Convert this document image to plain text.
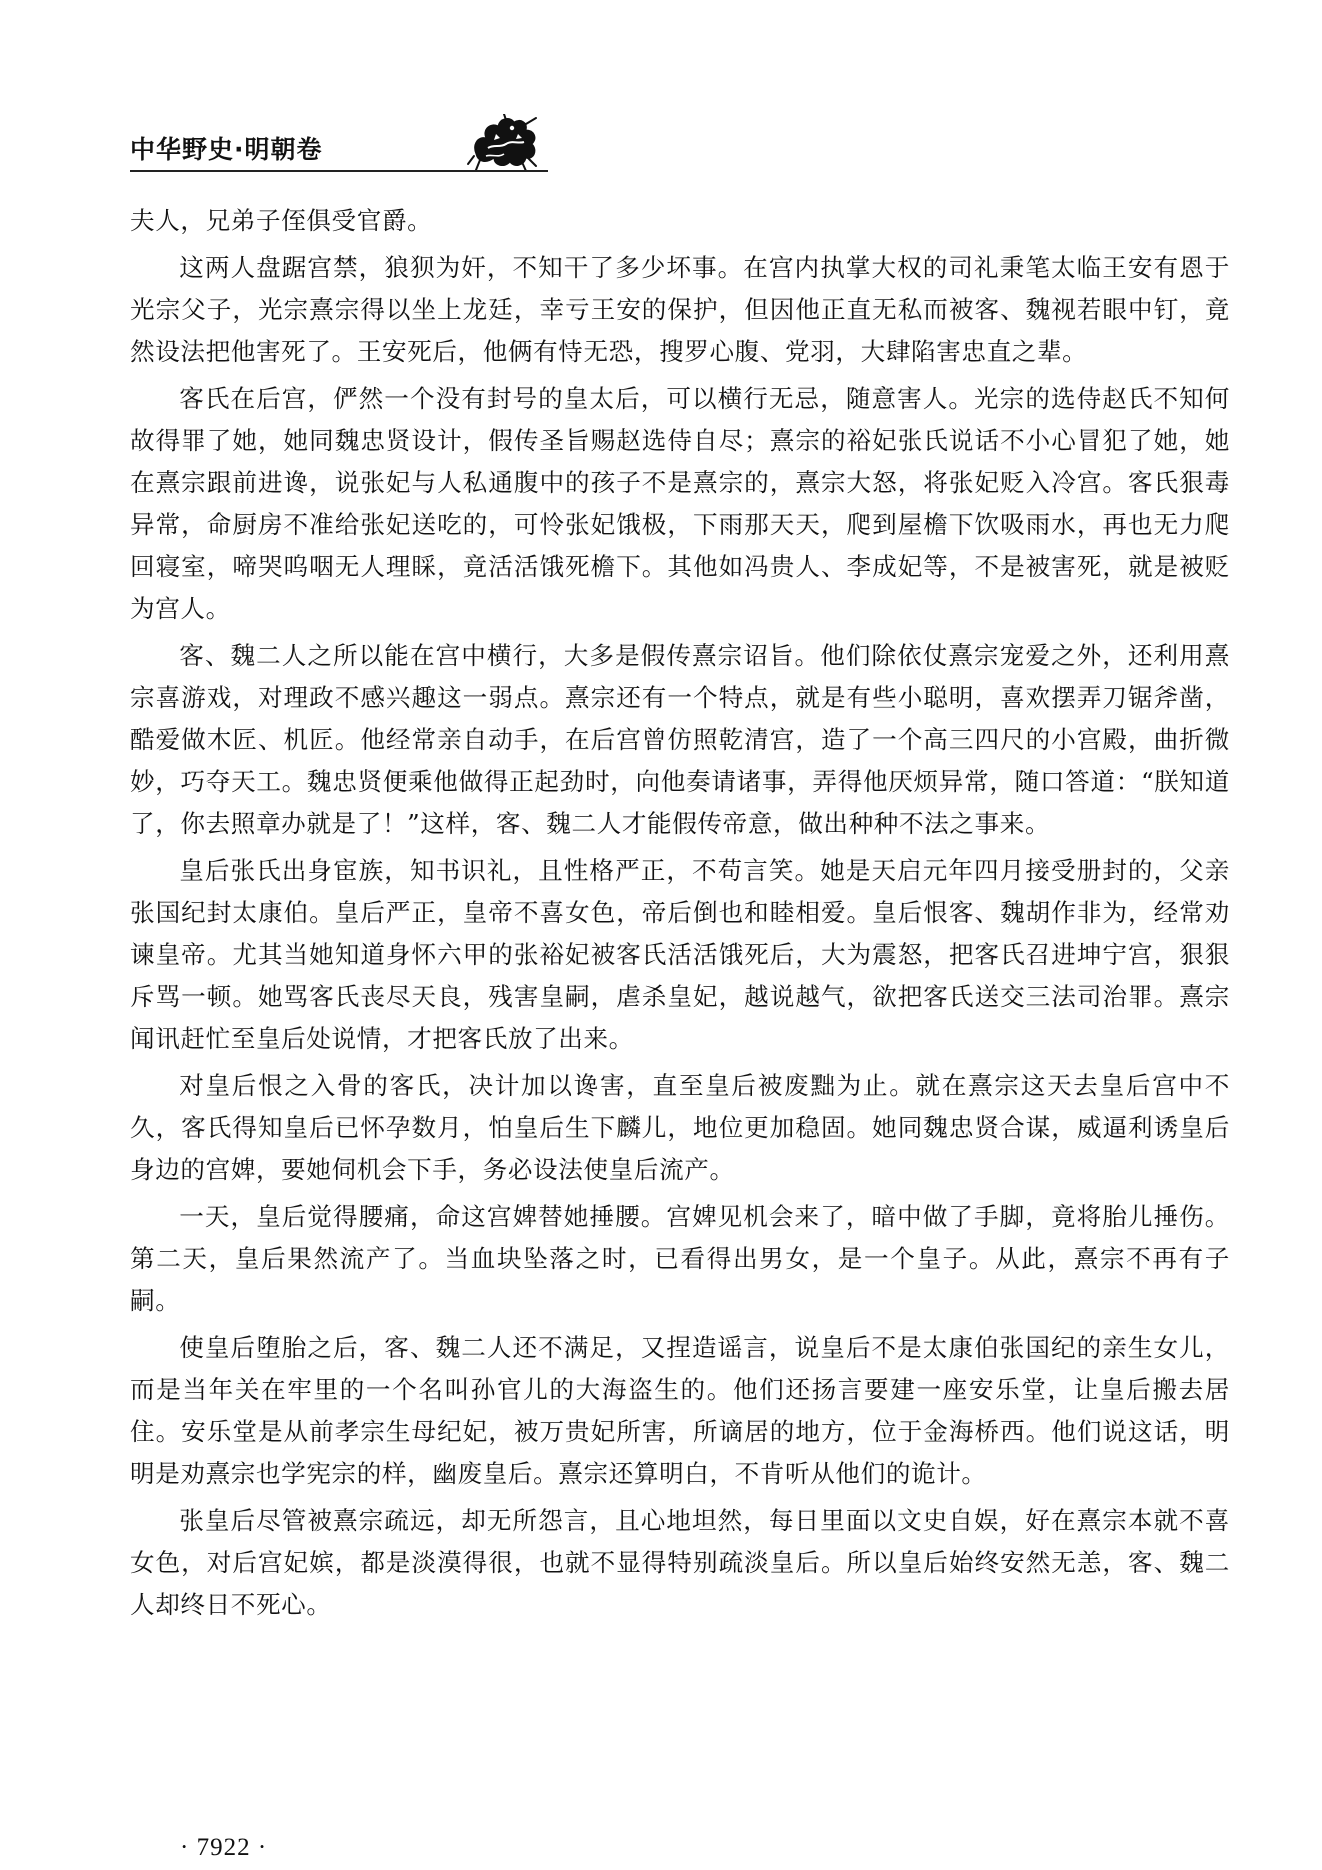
中华野史·明朝卷

夫人，兄弟子侄俱受官爵。

这两人盘踞宫禁，狼狈为奸，不知干了多少坏事。在宫内执掌大权的司礼秉笔太临王安有恩于光宗父子，光宗熹宗得以坐上龙廷，幸亏王安的保护，但因他正直无私而被客、魏视若眼中钉，竟然设法把他害死了。王安死后，他俩有恃无恐，搜罗心腹、党羽，大肆陷害忠直之辈。

客氏在后宫，俨然一个没有封号的皇太后，可以横行无忌，随意害人。光宗的选侍赵氏不知何故得罪了她，她同魏忠贤设计，假传圣旨赐赵选侍自尽；熹宗的裕妃张氏说话不小心冒犯了她，她在熹宗跟前进谗，说张妃与人私通腹中的孩子不是熹宗的，熹宗大怒，将张妃贬入冷宫。客氏狠毒异常，命厨房不准给张妃送吃的，可怜张妃饿极，下雨那天天，爬到屋檐下饮吸雨水，再也无力爬回寝室，啼哭呜咽无人理睬，竟活活饿死檐下。其他如冯贵人、李成妃等，不是被害死，就是被贬为宫人。

客、魏二人之所以能在宫中横行，大多是假传熹宗诏旨。他们除依仗熹宗宠爱之外，还利用熹宗喜游戏，对理政不感兴趣这一弱点。熹宗还有一个特点，就是有些小聪明，喜欢摆弄刀锯斧凿，酷爱做木匠、机匠。他经常亲自动手，在后宫曾仿照乾清宫，造了一个高三四尺的小宫殿，曲折微妙，巧夺天工。魏忠贤便乘他做得正起劲时，向他奏请诸事，弄得他厌烦异常，随口答道：“朕知道了，你去照章办就是了！”这样，客、魏二人才能假传帝意，做出种种不法之事来。

皇后张氏出身宦族，知书识礼，且性格严正，不苟言笑。她是天启元年四月接受册封的，父亲张国纪封太康伯。皇后严正，皇帝不喜女色，帝后倒也和睦相爱。皇后恨客、魏胡作非为，经常劝谏皇帝。尤其当她知道身怀六甲的张裕妃被客氏活活饿死后，大为震怒，把客氏召进坤宁宫，狠狠斥骂一顿。她骂客氏丧尽天良，残害皇嗣，虐杀皇妃，越说越气，欲把客氏送交三法司治罪。熹宗闻讯赶忙至皇后处说情，才把客氏放了出来。

对皇后恨之入骨的客氏，决计加以谗害，直至皇后被废黜为止。就在熹宗这天去皇后宫中不久，客氏得知皇后已怀孕数月，怕皇后生下麟儿，地位更加稳固。她同魏忠贤合谋，威逼利诱皇后身边的宫婢，要她伺机会下手，务必设法使皇后流产。

一天，皇后觉得腰痛，命这宫婢替她捶腰。宫婢见机会来了，暗中做了手脚，竟将胎儿捶伤。第二天，皇后果然流产了。当血块坠落之时，已看得出男女，是一个皇子。从此，熹宗不再有子嗣。

使皇后堕胎之后，客、魏二人还不满足，又捏造谣言，说皇后不是太康伯张国纪的亲生女儿，而是当年关在牢里的一个名叫孙官儿的大海盗生的。他们还扬言要建一座安乐堂，让皇后搬去居住。安乐堂是从前孝宗生母纪妃，被万贵妃所害，所谪居的地方，位于金海桥西。他们说这话，明明是劝熹宗也学宪宗的样，幽废皇后。熹宗还算明白，不肯听从他们的诡计。

张皇后尽管被熹宗疏远，却无所怨言，且心地坦然，每日里面以文史自娱，好在熹宗本就不喜女色，对后宫妃嫔，都是淡漠得很，也就不显得特别疏淡皇后。所以皇后始终安然无恙，客、魏二人却终日不死心。

· 7922 ·
